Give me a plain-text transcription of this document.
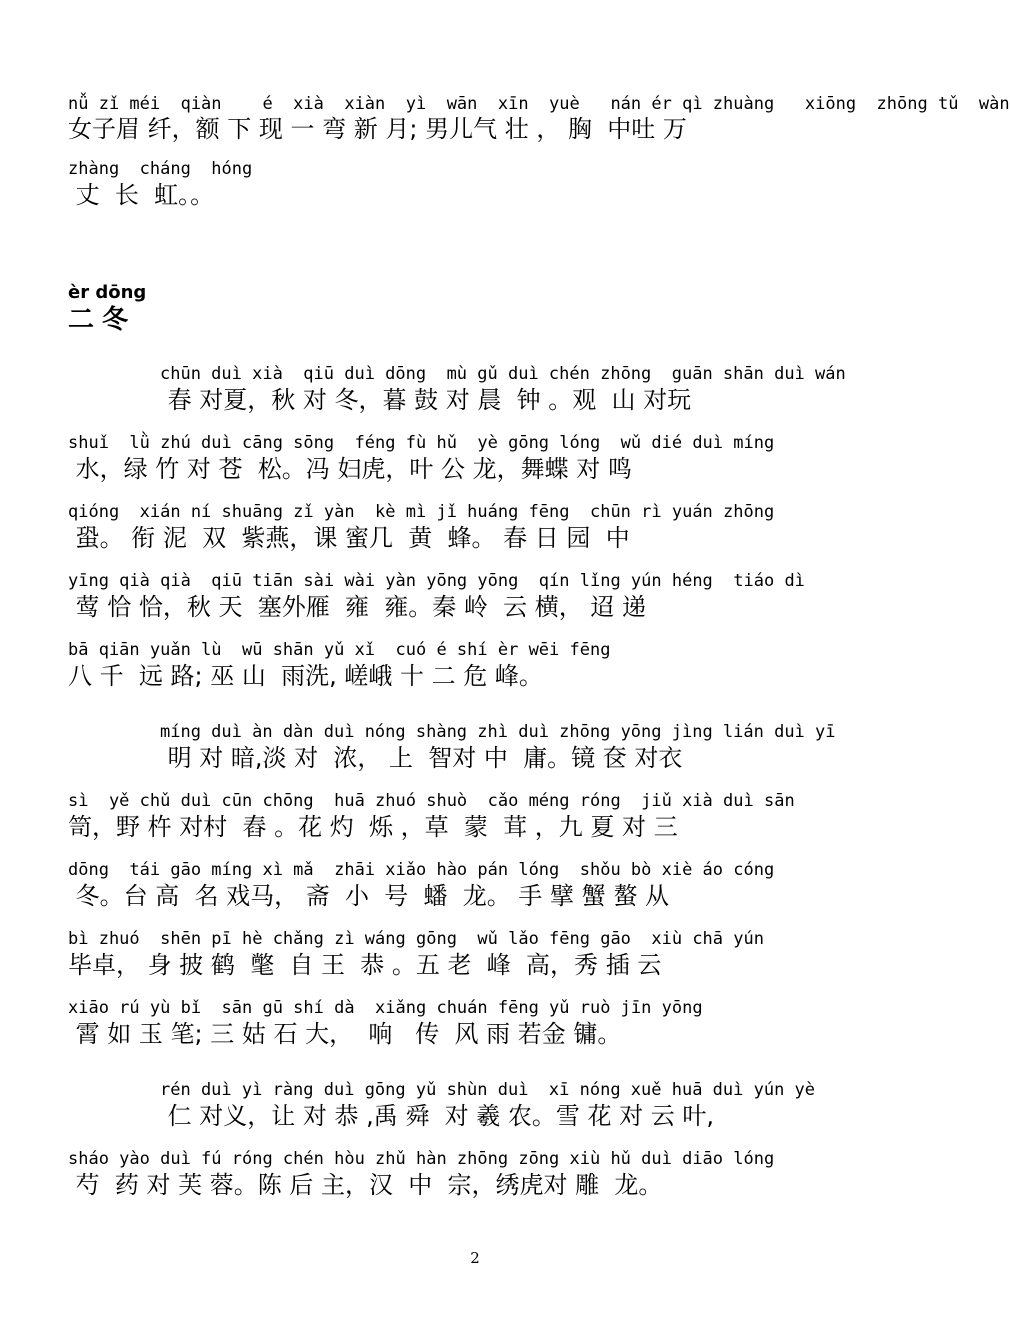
nǚ zǐ méi  qiàn    é  xià  xiàn  yì  wān  xīn  yuè   nán ér qì zhuàng   xiōng  zhōng tǔ  wàn
女子眉 纤，额 下 现 一 弯 新 月; 男儿气 壮 ， 胸  中吐 万
zhàng  cháng  hóng
丈  长  虹。。
èr dōng
二冬
chūn duì xià  qiū duì dōng  mù gǔ duì chén zhōng  guān shān duì wán
春 对夏，秋 对 冬，暮 鼓 对 晨  钟 。观  山 对玩
shuǐ  lǜ zhú duì cāng sōng  féng fù hǔ  yè gōng lóng  wǔ dié duì míng
水，绿 竹 对 苍  松。冯 妇虎，叶 公 龙，舞蝶 对 鸣
qióng  xián ní shuāng zǐ yàn  kè mì jǐ huáng fēng  chūn rì yuán zhōng
蛩。 衔 泥  双  紫燕，课 蜜几  黄  蜂。 春 日 园  中
yīng qià qià  qiū tiān sài wài yàn yōng yōng  qín lǐng yún héng  tiáo dì
莺 恰 恰，秋 天  塞外雁  雍  雍。秦 岭  云 横， 迢 递
bā qiān yuǎn lù  wū shān yǔ xǐ  cuó é shí èr wēi fēng
八 千  远 路; 巫 山  雨洗, 嵯峨 十 二 危 峰。
míng duì àn dàn duì nóng shàng zhì duì zhōng yōng jìng lián duì yī
明 对 暗,淡 对  浓， 上  智对 中  庸。镜 奁 对衣
sì  yě chǔ duì cūn chōng  huā zhuó shuò  cǎo méng róng  jiǔ xià duì sān
笥，野 杵 对村  舂 。花 灼  烁 ，草  蒙  茸 ，九 夏 对 三
dōng  tái gāo míng xì mǎ  zhāi xiǎo hào pán lóng  shǒu bò xiè áo cóng
冬。台 高  名 戏马， 斋  小  号  蟠  龙。 手 擘 蟹 螯 从
bì zhuó  shēn pī hè chǎng zì wáng gōng  wǔ lǎo fēng gāo  xiù chā yún
毕卓， 身 披 鹤  氅  自 王  恭 。五 老  峰  高，秀 插 云
xiāo rú yù bǐ  sān gū shí dà  xiǎng chuán fēng yǔ ruò jīn yōng
霄 如 玉 笔; 三 姑 石 大，  响   传  风 雨 若金 镛。
rén duì yì ràng duì gōng yǔ shùn duì  xī nóng xuě huā duì yún yè
仁 对义，让 对 恭 ,禹 舜  对 羲 农。雪 花 对 云 叶,
sháo yào duì fú róng chén hòu zhǔ hàn zhōng zōng xiù hǔ duì diāo lóng
芍  药 对 芙 蓉。陈 后 主，汉  中  宗，绣虎对 雕  龙。
2
